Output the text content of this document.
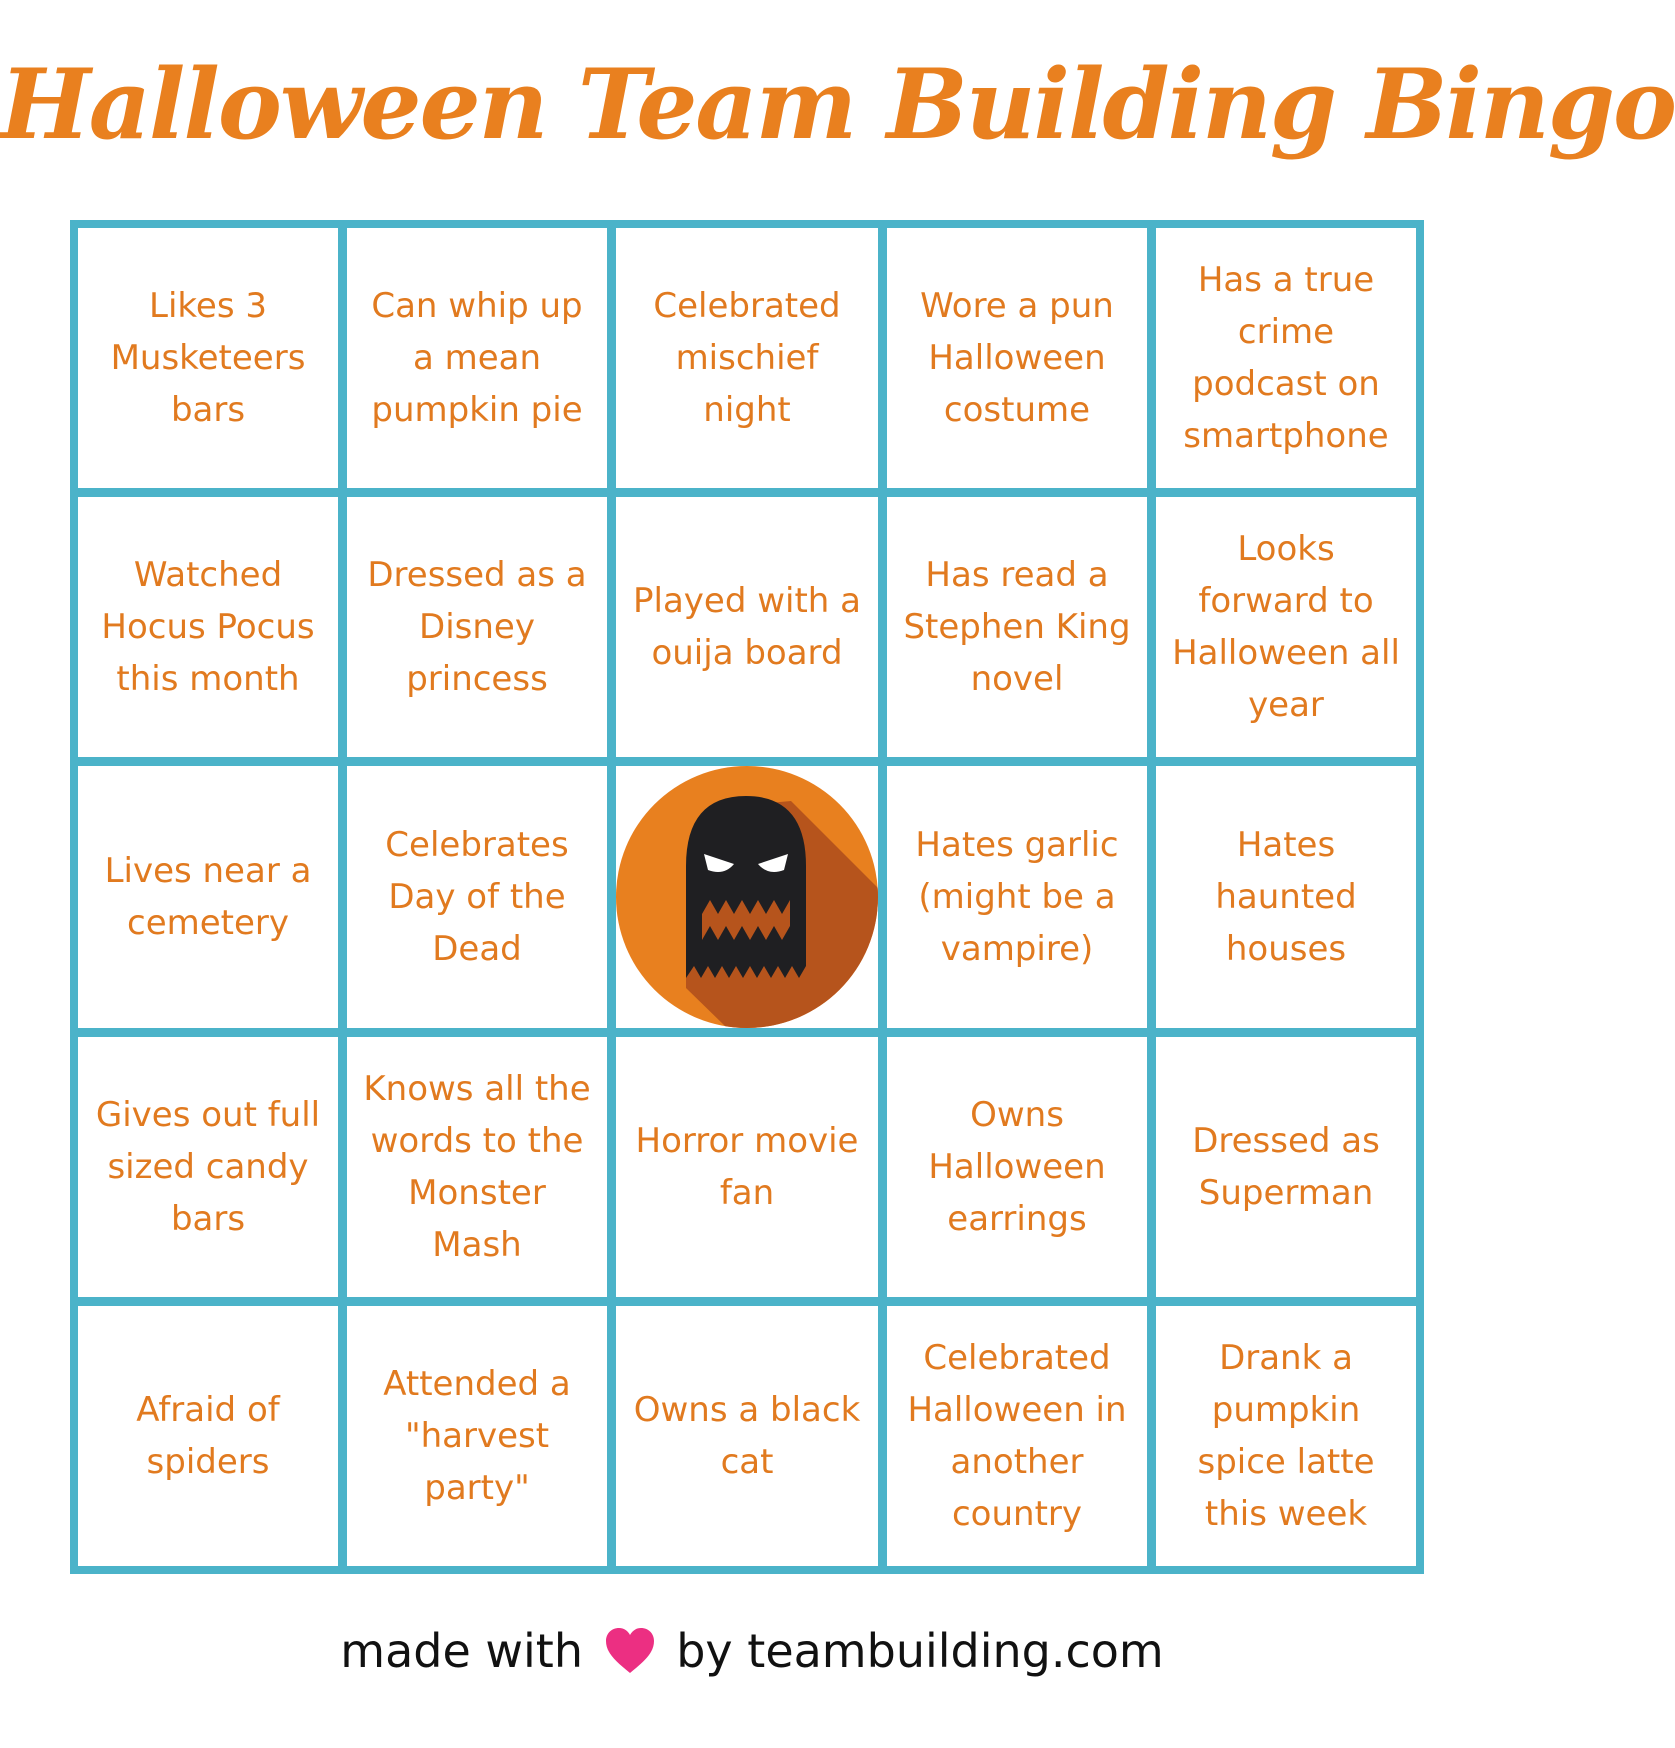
Halloween Team Building Bingo
Likes 3 Musketeers bars
Can whip up a mean pumpkin pie
Celebrated mischief night
Wore a pun Halloween costume
Has a true crime podcast on smartphone
Watched Hocus Pocus this month
Dressed as a Disney princess
Played with a ouija board
Has read a Stephen King novel
Looks forward to Halloween all year
Lives near a cemetery
Celebrates Day of the Dead
Hates garlic (might be a vampire)
Hates haunted houses
Gives out full sized candy bars
Knows all the words to the Monster Mash
Horror movie fan
Owns Halloween earrings
Dressed as Superman
Afraid of spiders
Attended a "harvest party"
Owns a black cat
Celebrated Halloween in another country
Drank a pumpkin spice latte this week
made with by teambuilding.com
